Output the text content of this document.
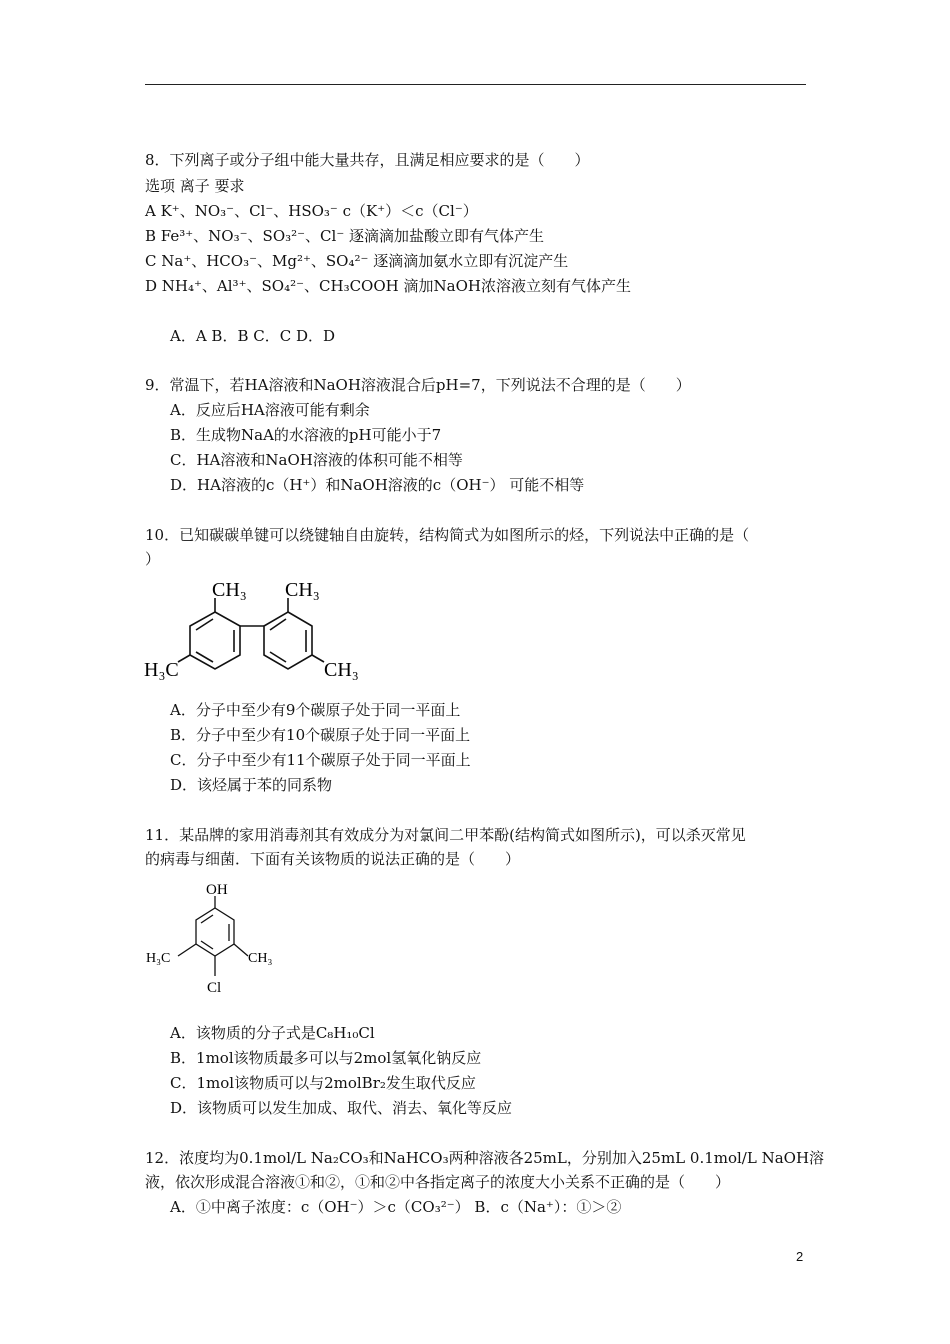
8．下列离子或分子组中能大量共存，且满足相应要求的是（　　）
选项 离子 要求
A K⁺、NO₃⁻、Cl⁻、HSO₃⁻ c（K⁺）＜c（Cl⁻）
B Fe³⁺、NO₃⁻、SO₃²⁻、Cl⁻ 逐滴滴加盐酸立即有气体产生
C Na⁺、HCO₃⁻、Mg²⁺、SO₄²⁻ 逐滴滴加氨水立即有沉淀产生
D NH₄⁺、Al³⁺、SO₄²⁻、CH₃COOH 滴加NaOH浓溶液立刻有气体产生
A．A B．B C．C D．D
9．常温下，若HA溶液和NaOH溶液混合后pH=7，下列说法不合理的是（　　）
A．反应后HA溶液可能有剩余
B．生成物NaA的水溶液的pH可能小于7
C．HA溶液和NaOH溶液的体积可能不相等
D．HA溶液的c（H⁺）和NaOH溶液的c（OH⁻） 可能不相等
10．已知碳碳单键可以绕键轴自由旋转，结构简式为如图所示的烃，下列说法中正确的是（
）
CH₃ CH₃
H₃C	CH₃
A．分子中至少有9个碳原子处于同一平面上
B．分子中至少有10个碳原子处于同一平面上
C．分子中至少有11个碳原子处于同一平面上
D．该烃属于苯的同系物
11．某品牌的家用消毒剂其有效成分为对氯间二甲苯酚(结构简式如图所示)，可以杀灭常见
的病毒与细菌．下面有关该物质的说法正确的是（　　）
OH
H₃C	CH₃
Cl
A．该物质的分子式是C₈H₁₀Cl
B．1mol该物质最多可以与2mol氢氧化钠反应
C．1mol该物质可以与2molBr₂发生取代反应
D．该物质可以发生加成、取代、消去、氧化等反应
12．浓度均为0.1mol/L Na₂CO₃和NaHCO₃两种溶液各25mL，分别加入25mL 0.1mol/L NaOH溶
液，依次形成混合溶液①和②，①和②中各指定离子的浓度大小关系不正确的是（　　）
A．①中离子浓度：c（OH⁻）＞c（CO₃²⁻） B．c（Na⁺）：①＞②
2
